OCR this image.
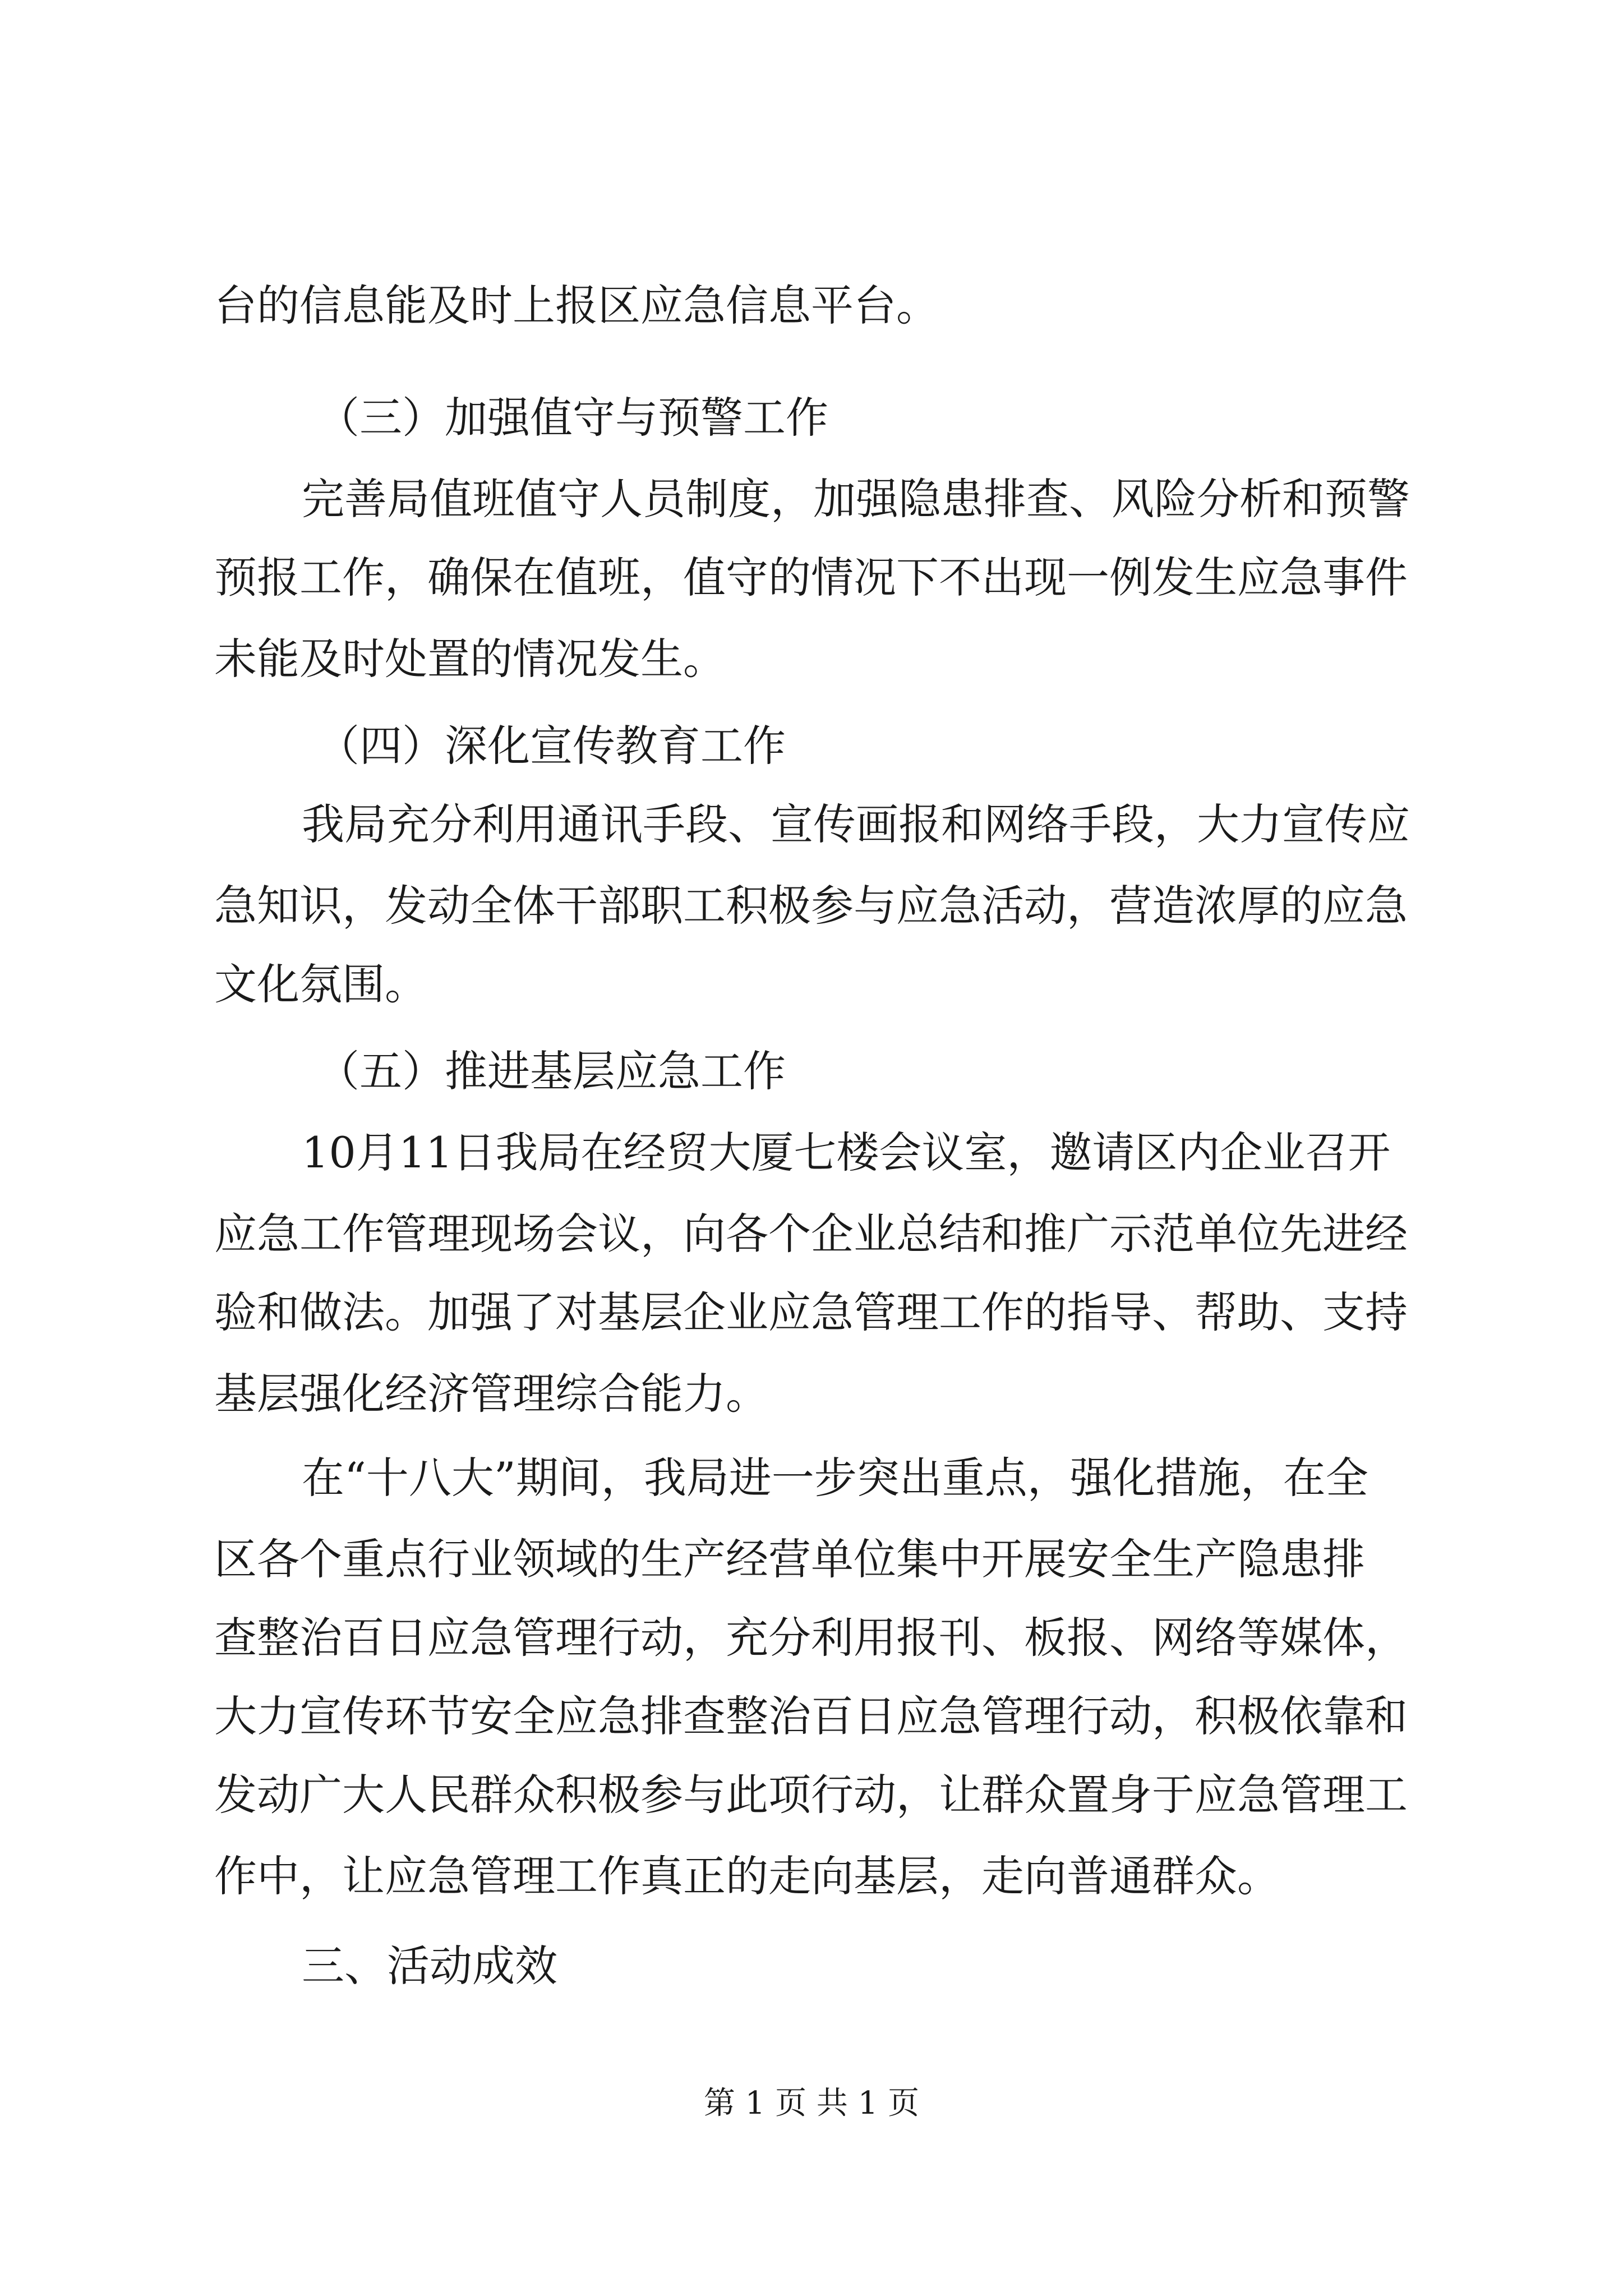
台的信息能及时上报区应急信息平台。

（三）加强值守与预警工作

完善局值班值守人员制度，加强隐患排查、风险分析和预警

预报工作，确保在值班，值守的情况下不出现一例发生应急事件

未能及时处置的情况发生。

（四）深化宣传教育工作

我局充分利用通讯手段、宣传画报和网络手段，大力宣传应

急知识，发动全体干部职工积极参与应急活动，营造浓厚的应急

文化氛围。

（五）推进基层应急工作

10月11日我局在经贸大厦七楼会议室，邀请区内企业召开

应急工作管理现场会议，向各个企业总结和推广示范单位先进经

验和做法。加强了对基层企业应急管理工作的指导、帮助、支持

基层强化经济管理综合能力。

在“十八大”期间，我局进一步突出重点，强化措施，在全

区各个重点行业领域的生产经营单位集中开展安全生产隐患排

查整治百日应急管理行动，充分利用报刊、板报、网络等媒体，

大力宣传环节安全应急排查整治百日应急管理行动，积极依靠和

发动广大人民群众积极参与此项行动，让群众置身于应急管理工

作中，让应急管理工作真正的走向基层，走向普通群众。

三、活动成效

第 1 页 共 1 页
